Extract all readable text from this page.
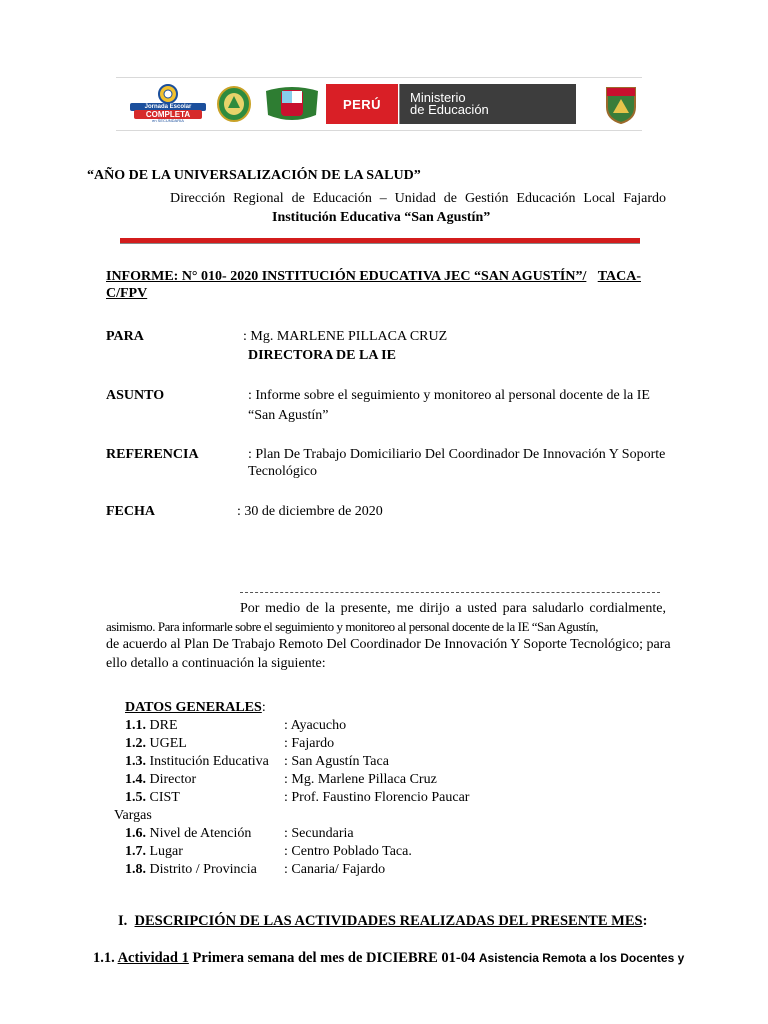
Jornada Escolar
COMPLETA
en SECUNDARIA
PERÚ	Ministerio
de Educación
“AÑO DE LA UNIVERSALIZACIÓN DE LA SALUD”
Dirección Regional de Educación – Unidad de Gestión Educación Local Fajardo
Institución Educativa “San Agustín”
INFORME: N° 010- 2020 INSTITUCIÓN EDUCATIVA JEC “SAN AGUSTÍN”/ TACA-
C/FPV
PARA	: Mg. MARLENE PILLACA CRUZ
DIRECTORA DE LA IE
ASUNTO	: Informe sobre el seguimiento y monitoreo al personal docente de la IE
“San Agustín”
REFERENCIA	: Plan De Trabajo Domiciliario Del Coordinador De Innovación Y Soporte
Tecnológico
FECHA	: 30 de diciembre de 2020
Por medio de la presente, me dirijo a usted para saludarlo cordialmente,
asimismo. Para informarle sobre el seguimiento y monitoreo al personal docente de la IE “San Agustín,
de acuerdo al Plan De Trabajo Remoto Del Coordinador De Innovación Y Soporte Tecnológico; para
ello detallo a continuación la siguiente:
DATOS GENERALES:
1.1. DRE	: Ayacucho
1.2. UGEL	: Fajardo
1.3. Institución Educativa : San Agustín Taca
1.4. Director	: Mg. Marlene Pillaca Cruz
1.5. CIST	: Prof. Faustino Florencio Paucar
Vargas
1.6. Nivel de Atención : Secundaria
1.7. Lugar	: Centro Poblado Taca.
1.8. Distrito / Provincia : Canaria/ Fajardo
I. DESCRIPCIÓN DE LAS ACTIVIDADES REALIZADAS DEL PRESENTE MES:
1.1. Actividad 1 Primera semana del mes de DICIEBRE 01-04 Asistencia Remota a los Docentes y
